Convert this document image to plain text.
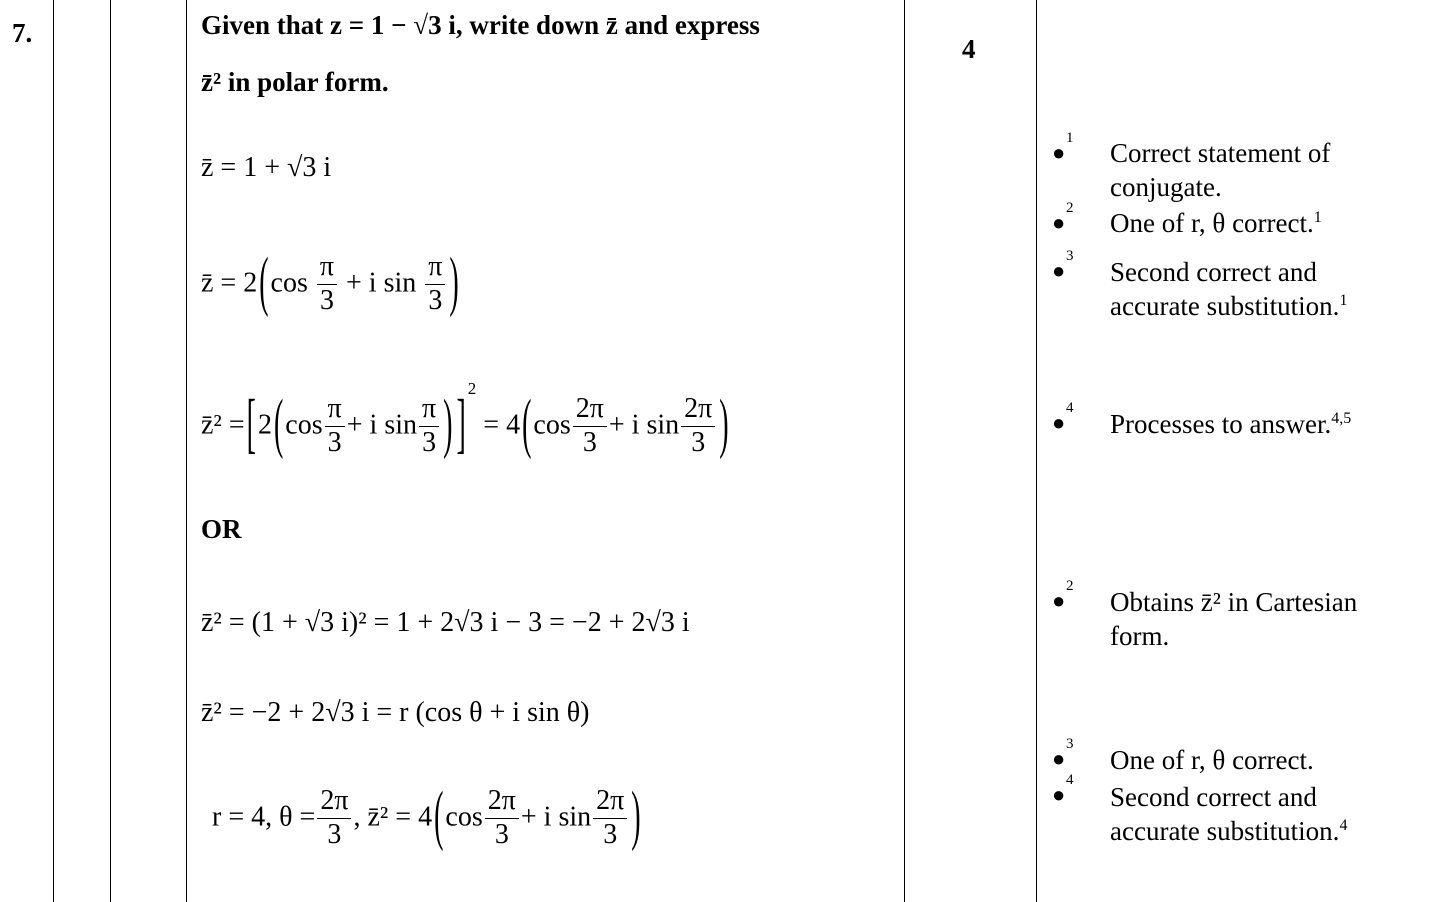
7.
4
Given that z = 1 − √3 i, write down z̄ and express
z̄² in polar form.
z̄ = 1 + √3 i
z̄ = $2(\cos \frac{\pi}{3} + i$ $\sin \frac{\pi}{3}$ )
z̄² $=[2(\cos \frac{\pi}{3} + i$ $\sin \frac{\pi}{3}$ ) ] $^2 = 4(\cos \frac{2\pi}{3} + i$ $\sin \frac{2\pi}{3}$ )
OR
z̄² = (1 + √3 i)² = 1 + 2√3 i − 3 = −2 + 2√3 i
z̄² = −2 + 2√3 i = r (cos θ + i sin θ)
r = 4, $\theta = \frac{2\pi}{3}$ , z̄² = $4(\cos \frac{2\pi}{3} + i$ $\sin \frac{2\pi}{3}$ )
●
1 Correct statement of
conjugate.
●
2 One of r, θ correct.$^1$
●
3
Second correct and
accurate substitution.$^1$
●
4
Processes to answer.$^{4,5}$
●
2
Obtains z̄² in Cartesian
form.
●
3
One of r, θ correct.
●
4
Second correct and
accurate substitution.$^4$
